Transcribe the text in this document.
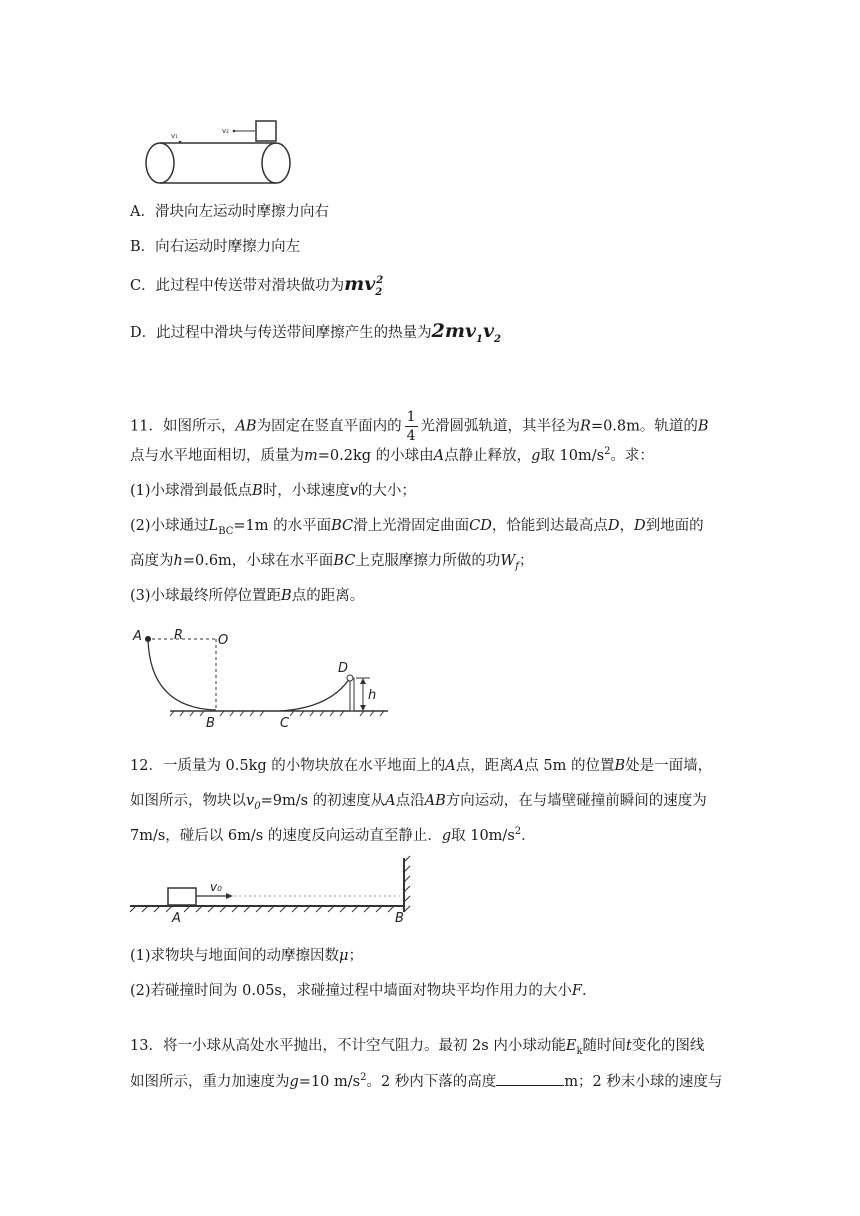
v₁
v₂
A．滑块向左运动时摩擦力向右
B．向右运动时摩擦力向左
C．此过程中传送带对滑块做功为$mv_2^2$
D．此过程中滑块与传送带间摩擦产生的热量为$2mv_1v_2$
11．如图所示，AB为固定在竖直平面内的 $\frac{1}{4}$ 光滑圆弧轨道，其半径为R=0.8m。轨道的B
点与水平地面相切，质量为m=0.2kg 的小球由A点静止释放，g取 $10m/s^2$。求：
(1)小球滑到最低点B时，小球速度v的大小；
(2)小球通过$L_{BC}=1m$ 的水平面BC滑上光滑固定曲面CD，恰能到达最高点D，D到地面的
高度为h=0.6m，小球在水平面BC上克服摩擦力所做的功$W_f$；
(3)小球最终所停位置距B点的距离。
A R	O
D
h
B	C
12．一质量为 0.5kg 的小物块放在水平地面上的A点，距离A点 5m 的位置B处是一面墙，
如图所示，物块以$v_0=9m/s$ 的初速度从A点沿AB方向运动，在与墙壁碰撞前瞬间的速度为
7m/s，碰后以 6m/s 的速度反向运动直至静止．g取 $10m/s^2$．
v₀
A	B
(1)求物块与地面间的动摩擦因数μ；
(2)若碰撞时间为 0.05s，求碰撞过程中墙面对物块平均作用力的大小F.
13．将一小球从高处水平抛出，不计空气阻力。最初 2s 内小球动能$E_k$随时间t变化的图线
如图所示，重力加速度为g=10 $m/s^2$。2 秒内下落的高度	m；2 秒末小球的速度与
